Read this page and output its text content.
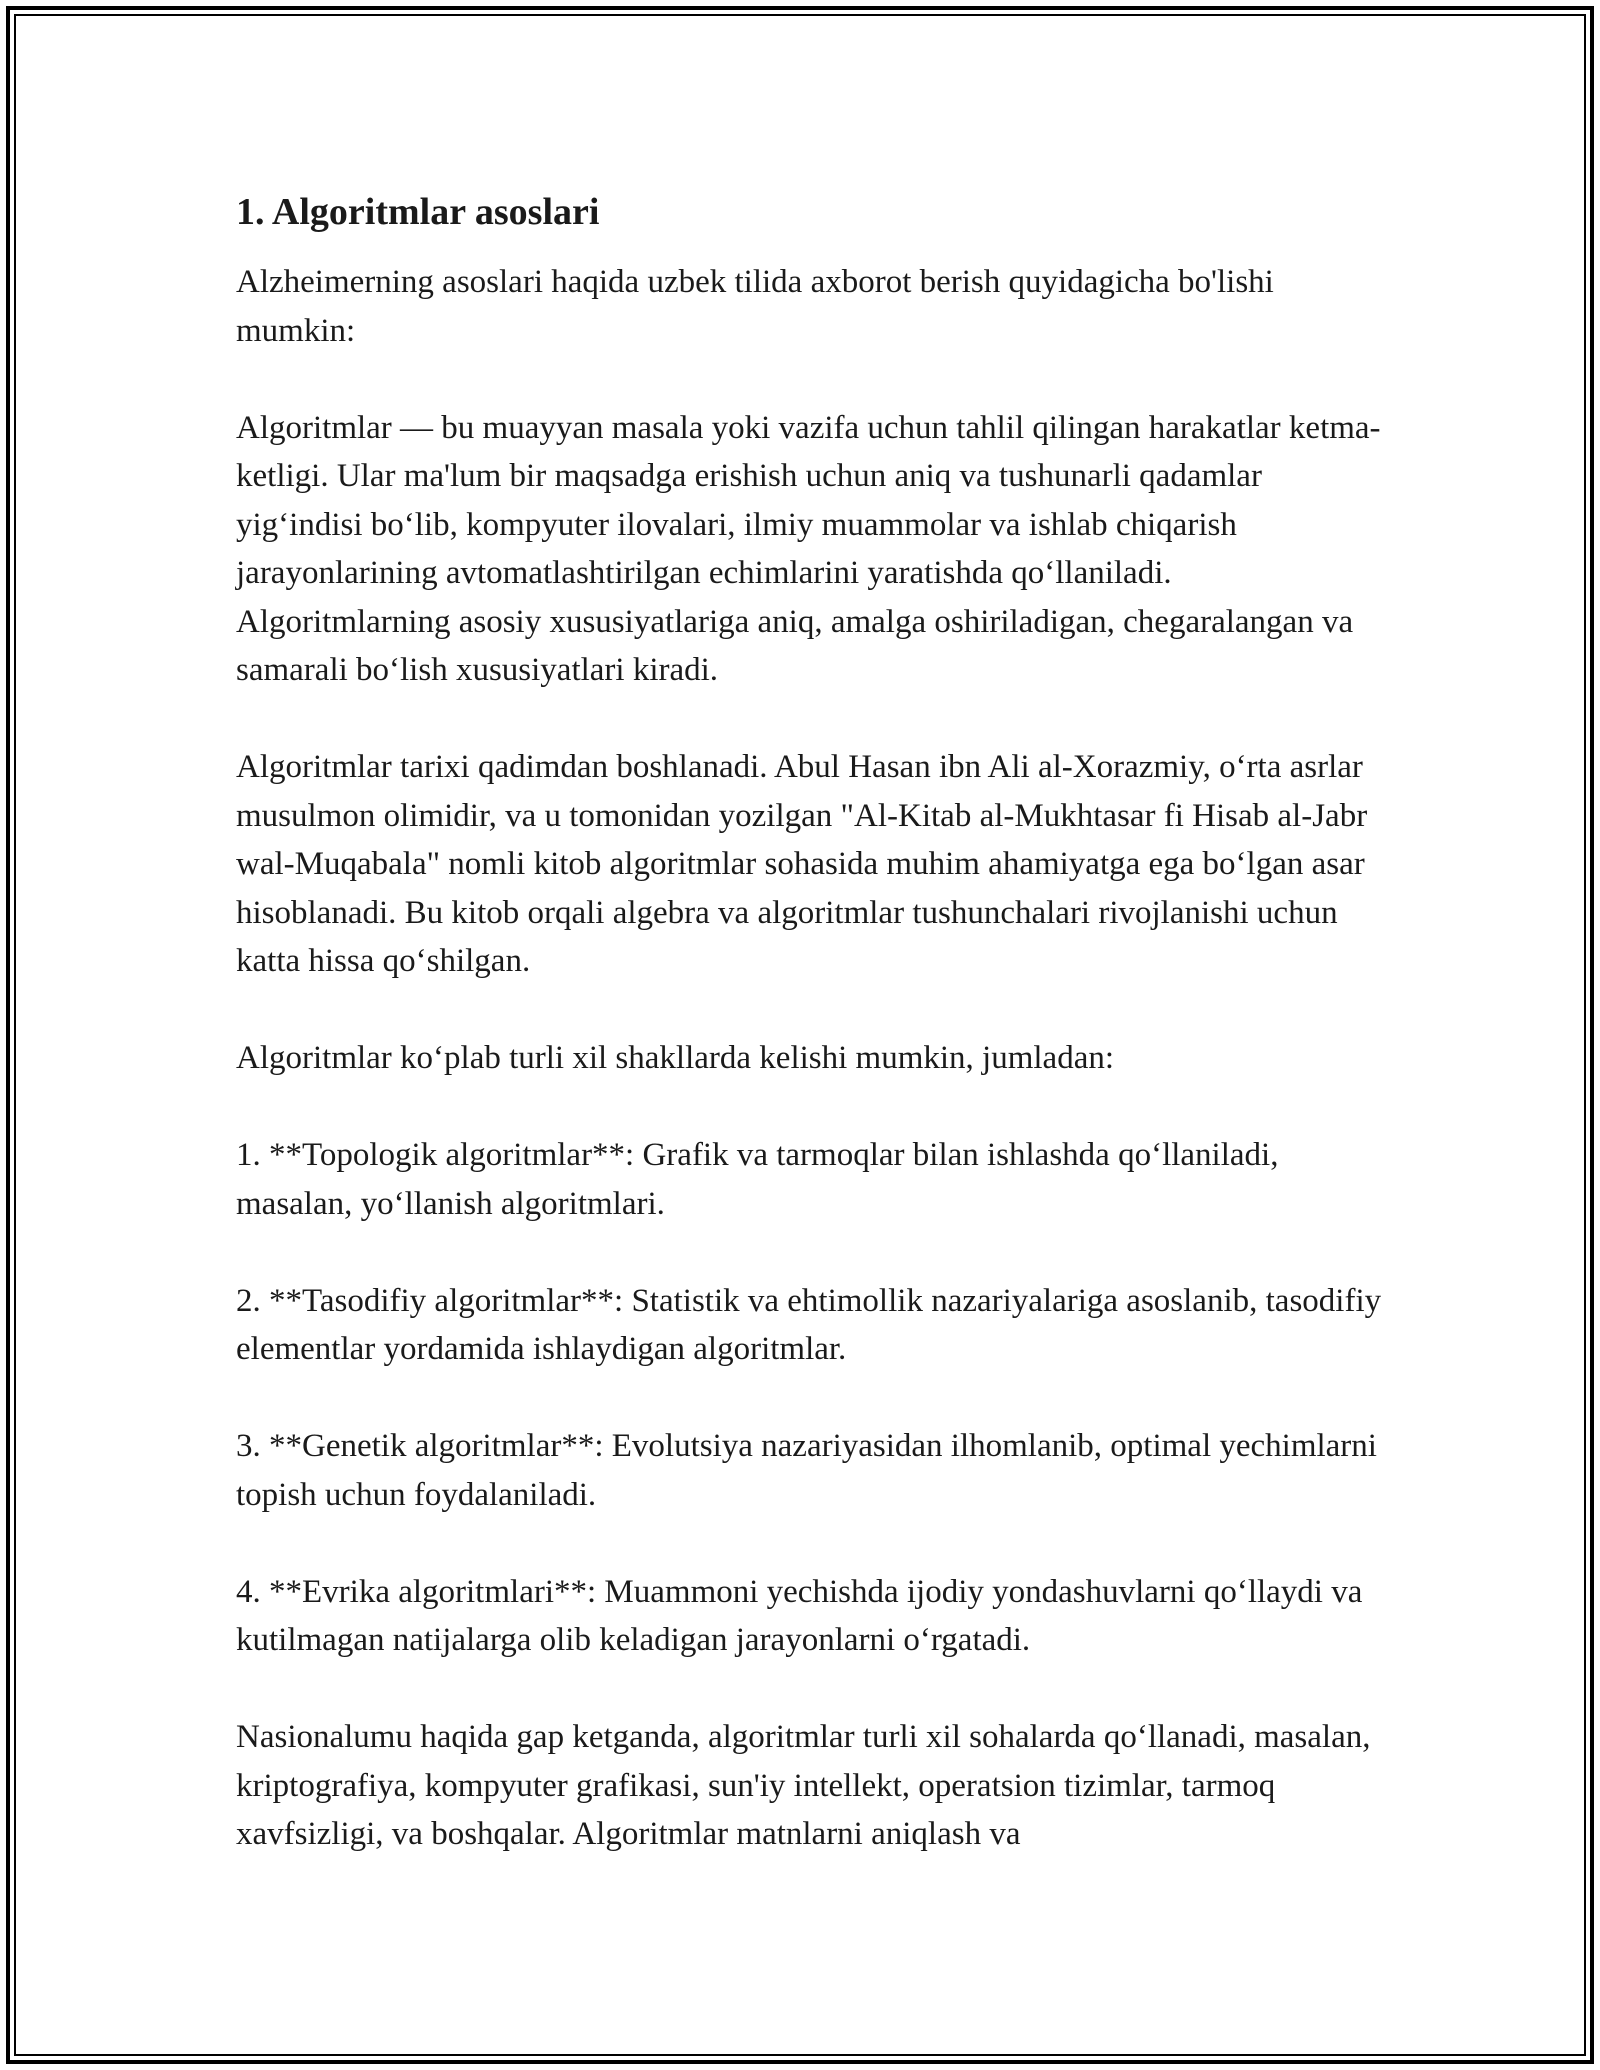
1. Algoritmlar asoslari

Alzheimerning asoslari haqida uzbek tilida axborot berish quyidagicha bo'lishi mumkin:

Algoritmlar — bu muayyan masala yoki vazifa uchun tahlil qilingan harakatlar ketma-ketligi. Ular ma'lum bir maqsadga erishish uchun aniq va tushunarli qadamlar yig‘indisi bo‘lib, kompyuter ilovalari, ilmiy muammolar va ishlab chiqarish jarayonlarining avtomatlashtirilgan echimlarini yaratishda qo‘llaniladi. Algoritmlarning asosiy xususiyatlariga aniq, amalga oshiriladigan, chegaralangan va samarali bo‘lish xususiyatlari kiradi.

Algoritmlar tarixi qadimdan boshlanadi. Abul Hasan ibn Ali al-Xorazmiy, o‘rta asrlar musulmon olimidir, va u tomonidan yozilgan "Al-Kitab al-Mukhtasar fi Hisab al-Jabr wal-Muqabala" nomli kitob algoritmlar sohasida muhim ahamiyatga ega bo‘lgan asar hisoblanadi. Bu kitob orqali algebra va algoritmlar tushunchalari rivojlanishi uchun katta hissa qo‘shilgan.

Algoritmlar ko‘plab turli xil shakllarda kelishi mumkin, jumladan:

1. **Topologik algoritmlar**: Grafik va tarmoqlar bilan ishlashda qo‘llaniladi, masalan, yo‘llanish algoritmlari.

2. **Tasodifiy algoritmlar**: Statistik va ehtimollik nazariyalariga asoslanib, tasodifiy elementlar yordamida ishlaydigan algoritmlar.

3. **Genetik algoritmlar**: Evolutsiya nazariyasidan ilhomlanib, optimal yechimlarni topish uchun foydalaniladi.

4. **Evrika algoritmlari**: Muammoni yechishda ijodiy yondashuvlarni qo‘llaydi va kutilmagan natijalarga olib keladigan jarayonlarni o‘rgatadi.

Nasionalumu haqida gap ketganda, algoritmlar turli xil sohalarda qo‘llanadi, masalan, kriptografiya, kompyuter grafikasi, sun'iy intellekt, operatsion tizimlar, tarmoq xavfsizligi, va boshqalar. Algoritmlar matnlarni aniqlash va
